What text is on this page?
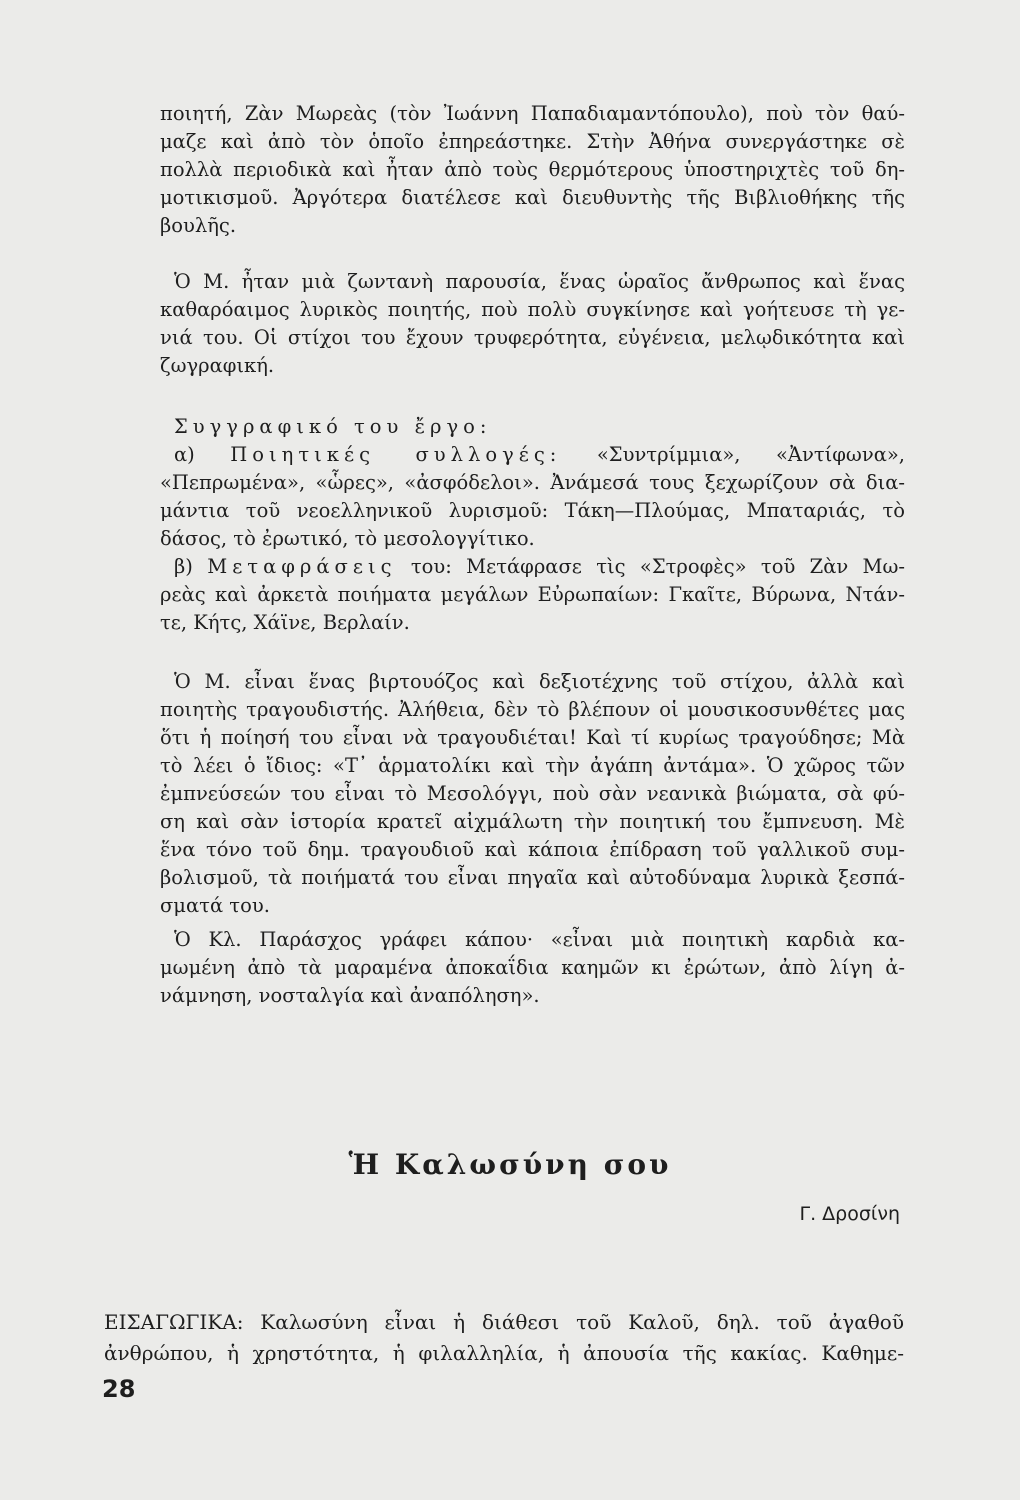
ποιητή, Ζὰν Μωρεὰς (τὸν Ἰωάννη Παπαδιαμαντόπουλο), ποὺ τὸν θαύ-
μαζε καὶ ἀπὸ τὸν ὁποῖο ἐπηρεάστηκε. Στὴν Ἀθήνα συνεργάστηκε σὲ
πολλὰ περιοδικὰ καὶ ἦταν ἀπὸ τοὺς θερμότερους ὑποστηριχτὲς τοῦ δη-
μοτικισμοῦ. Ἀργότερα διατέλεσε καὶ διευθυντὴς τῆς Βιβλιοθήκης τῆς
βουλῆς.
Ὁ Μ. ἦταν μιὰ ζωντανὴ παρουσία, ἕνας ὡραῖος ἄνθρωπος καὶ ἕνας
καθαρόαιμος λυρικὸς ποιητής, ποὺ πολὺ συγκίνησε καὶ γοήτευσε τὴ γε-
νιά του. Οἱ στίχοι του ἔχουν τρυφερότητα, εὐγένεια, μελῳδικότητα καὶ
ζωγραφική.
Συγγραφικό του ἔργο:
α) Ποιητικές συλλογές: «Συντρίμμια», «Ἀντίφωνα»,
«Πεπρωμένα», «ὧρες», «ἀσφόδελοι». Ἀνάμεσά τους ξεχωρίζουν σὰ δια-
μάντια τοῦ νεοελληνικοῦ λυρισμοῦ: Τάκη—Πλούμας, Μπαταριάς, τὸ
δάσος, τὸ ἐρωτικό, τὸ μεσολογγίτικο.
β) Μεταφράσεις του: Μετάφρασε τὶς «Στροφὲς» τοῦ Ζὰν Μω-
ρεὰς καὶ ἀρκετὰ ποιήματα μεγάλων Εὐρωπαίων: Γκαῖτε, Βύρωνα, Ντάν-
τε, Κήτς, Χάϊνε, Βερλαίν.
Ὁ Μ. εἶναι ἕνας βιρτουόζος καὶ δεξιοτέχνης τοῦ στίχου, ἀλλὰ καὶ
ποιητὴς τραγουδιστής. Ἀλήθεια, δὲν τὸ βλέπουν οἱ μουσικοσυνθέτες μας
ὅτι ἡ ποίησή του εἶναι νὰ τραγουδιέται! Καὶ τί κυρίως τραγούδησε; Μὰ
τὸ λέει ὁ ἴδιος: «Τ᾽ ἁρματολίκι καὶ τὴν ἀγάπη ἀντάμα». Ὁ χῶρος τῶν
ἐμπνεύσεών του εἶναι τὸ Μεσολόγγι, ποὺ σὰν νεανικὰ βιώματα, σὰ φύ-
ση καὶ σὰν ἱστορία κρατεῖ αἰχμάλωτη τὴν ποιητική του ἔμπνευση. Μὲ
ἕνα τόνο τοῦ δημ. τραγουδιοῦ καὶ κάποια ἐπίδραση τοῦ γαλλικοῦ συμ-
βολισμοῦ, τὰ ποιήματά του εἶναι πηγαῖα καὶ αὐτοδύναμα λυρικὰ ξεσπά-
σματά του.
Ὁ Κλ. Παράσχος γράφει κάπου· «εἶναι μιὰ ποιητικὴ καρδιὰ κα-
μωμένη ἀπὸ τὰ μαραμένα ἀποκαΐδια καημῶν κι ἐρώτων, ἀπὸ λίγη ἀ-
νάμνηση, νοσταλγία καὶ ἀναπόληση».
Ἡ Καλωσύνη σου
Γ. Δροσίνη
ΕΙΣΑΓΩΓΙΚΑ: Καλωσύνη εἶναι ἡ διάθεσι τοῦ Καλοῦ, δηλ. τοῦ ἀγαθοῦ
ἀνθρώπου, ἡ χρηστότητα, ἡ φιλαλληλία, ἡ ἀπουσία τῆς κακίας. Καθημε-
28
